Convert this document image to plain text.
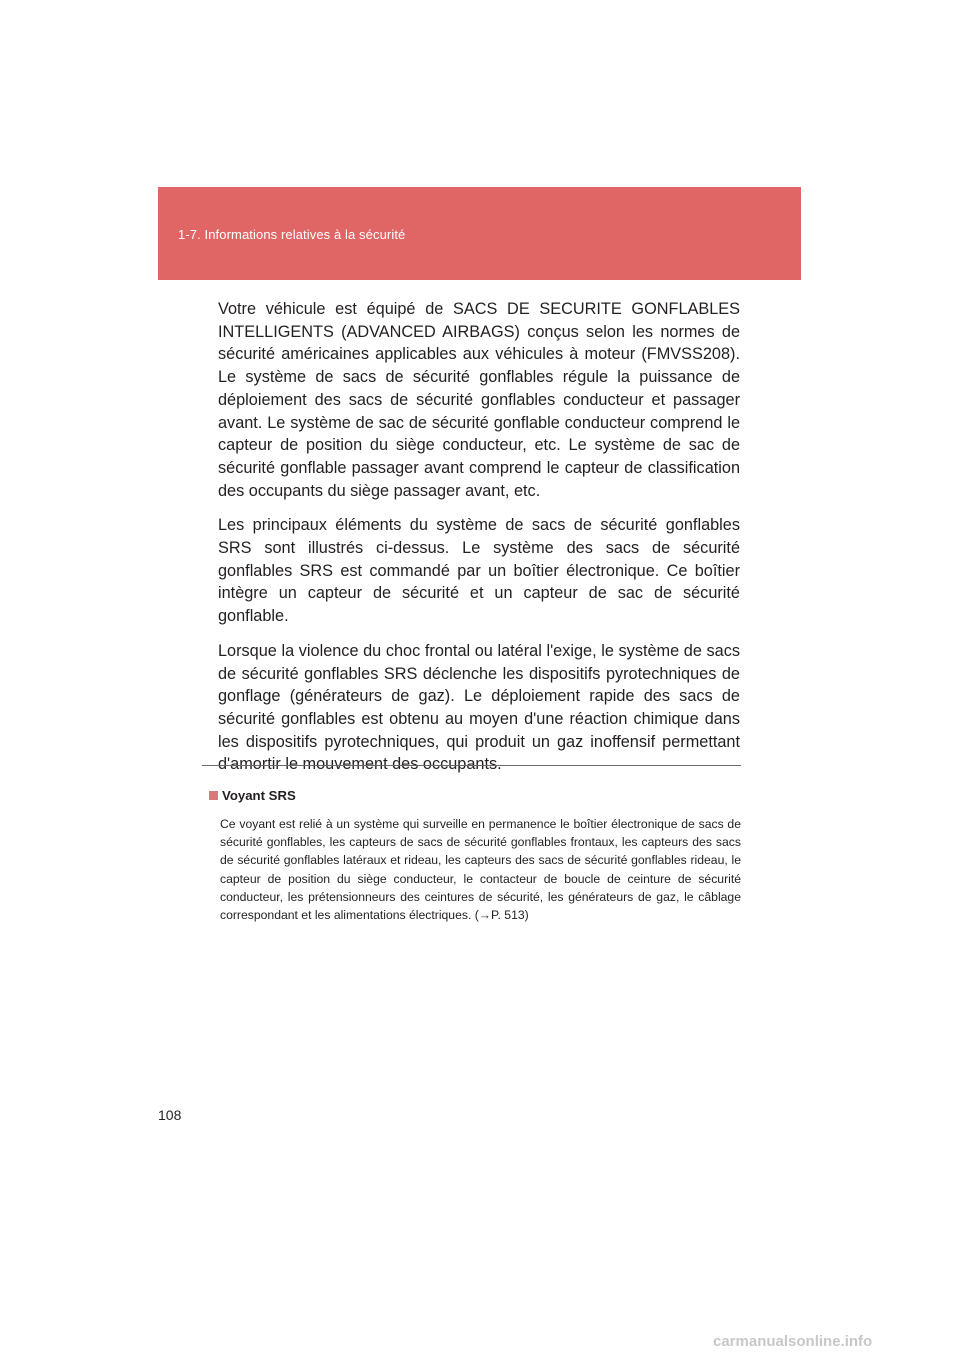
1-7. Informations relatives à la sécurité

Votre véhicule est équipé de SACS DE SECURITE GONFLABLES INTELLIGENTS (ADVANCED AIRBAGS) conçus selon les normes de sécurité américaines applicables aux véhicules à moteur (FMVSS208). Le système de sacs de sécurité gonflables régule la puissance de déploiement des sacs de sécurité gonflables conducteur et passager avant. Le système de sac de sécurité gonflable conducteur comprend le capteur de position du siège conducteur, etc. Le système de sac de sécurité gonflable passager avant comprend le capteur de classification des occupants du siège passager avant, etc.

Les principaux éléments du système de sacs de sécurité gonflables SRS sont illustrés ci-dessus. Le système des sacs de sécurité gonflables SRS est commandé par un boîtier électronique. Ce boîtier intègre un capteur de sécurité et un capteur de sac de sécurité gonflable.

Lorsque la violence du choc frontal ou latéral l'exige, le système de sacs de sécurité gonflables SRS déclenche les dispositifs pyrotechniques de gonflage (générateurs de gaz). Le déploiement rapide des sacs de sécurité gonflables est obtenu au moyen d'une réaction chimique dans les dispositifs pyrotechniques, qui produit un gaz inoffensif permettant d'amortir le mouvement des occupants.

Voyant SRS
Ce voyant est relié à un système qui surveille en permanence le boîtier électronique de sacs de sécurité gonflables, les capteurs de sacs de sécurité gonflables frontaux, les capteurs des sacs de sécurité gonflables latéraux et rideau, les capteurs des sacs de sécurité gonflables rideau, le capteur de position du siège conducteur, le contacteur de boucle de ceinture de sécurité conducteur, les prétensionneurs des ceintures de sécurité, les générateurs de gaz, le câblage correspondant et les alimentations électriques. (→P. 513)
108
carmanualsonline.info
